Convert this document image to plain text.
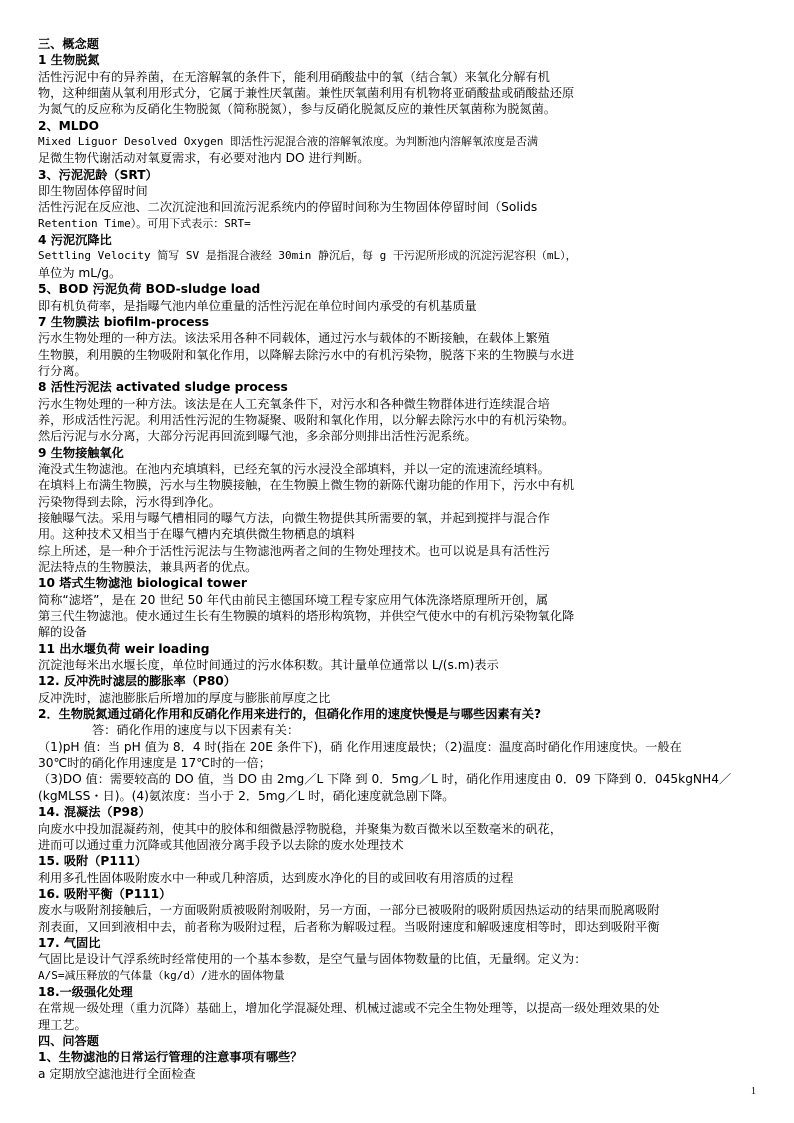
三、概念题
1 生物脱氮
活性污泥中有的异养菌，在无溶解氧的条件下，能利用硝酸盐中的氧（结合氧）来氧化分解有机
物，这种细菌从氧利用形式分，它属于兼性厌氧菌。兼性厌氧菌利用有机物将亚硝酸盐或硝酸盐还原
为氮气的反应称为反硝化生物脱氮（简称脱氮），参与反硝化脱氮反应的兼性厌氧菌称为脱氮菌。
2、MLDO
Mixed Liguor Desolved Oxygen 即活性污泥混合液的溶解氧浓度。为判断池内溶解氧浓度是否满
足微生物代谢活动对氧夏需求，有必要对池内 DO 进行判断。
3、污泥泥龄（SRT）
即生物固体停留时间
活性污泥在反应池、二次沉淀池和回流污泥系统内的停留时间称为生物固体停留时间（Solids
Retention Time）。可用下式表示：SRT=
4 污泥沉降比
Settling Velocity 简写 SV 是指混合液经 30min 静沉后，每 g 干污泥所形成的沉淀污泥容积（mL），
单位为 mL/g。
5、BOD 污泥负荷 BOD-sludge load
即有机负荷率，是指曝气池内单位重量的活性污泥在单位时间内承受的有机基质量
7 生物膜法 biofilm-process
污水生物处理的一种方法。该法采用各种不同载体，通过污水与载体的不断接触，在载体上繁殖
生物膜，利用膜的生物吸附和氧化作用，以降解去除污水中的有机污染物，脱落下来的生物膜与水进
行分离。
8 活性污泥法 activated sludge process
污水生物处理的一种方法。该法是在人工充氧条件下，对污水和各种微生物群体进行连续混合培
养，形成活性污泥。利用活性污泥的生物凝聚、吸附和氧化作用，以分解去除污水中的有机污染物。
然后污泥与水分离，大部分污泥再回流到曝气池，多余部分则排出活性污泥系统。
9 生物接触氧化
淹没式生物滤池。在池内充填填料，已经充氧的污水浸没全部填料，并以一定的流速流经填料。
在填料上布满生物膜，污水与生物膜接触，在生物膜上微生物的新陈代谢功能的作用下，污水中有机
污染物得到去除，污水得到净化。
接触曝气法。采用与曝气槽相同的曝气方法，向微生物提供其所需要的氧，并起到搅拌与混合作
用。这种技术又相当于在曝气槽内充填供微生物栖息的填料
综上所述，是一种介于活性污泥法与生物滤池两者之间的生物处理技术。也可以说是具有活性污
泥法特点的生物膜法，兼具两者的优点。
10 塔式生物滤池 biological tower
简称“滤塔”，是在 20 世纪 50 年代由前民主德国环境工程专家应用气体洗涤塔原理所开创，属
第三代生物滤池。使水通过生长有生物膜的填料的塔形构筑物，并供空气使水中的有机污染物氧化降
解的设备
11 出水堰负荷 weir loading
沉淀池每米出水堰长度，单位时间通过的污水体积数。其计量单位通常以 L/(s.m)表示
12. 反冲洗时滤层的膨胀率（P80）
反冲洗时，滤池膨胀后所增加的厚度与膨胀前厚度之比
2．生物脱氮通过硝化作用和反硝化作用来进行的，但硝化作用的速度快慢是与哪些因素有关?
答：硝化作用的速度与以下因素有关：
（1)pH 值：当 pH 值为 8．4 时(指在 20E 条件下)，硝 化作用速度最快；（2)温度：温度高时硝化作用速度快。一般在
30℃时的硝化作用速度是 17℃时的一倍；
（3)DO 值：需要较高的 DO 值，当 DO 由 2mg／L 下降 到 0．5mg／L 时，硝化作用速度由 0．09 下降到 0．045kgNH4／
(kgMLSS・日)。(4)氨浓度：当小于 2．5mg／L 时，硝化速度就急剧下降。
14. 混凝法（P98）
向废水中投加混凝药剂，使其中的胶体和细微悬浮物脱稳，并聚集为数百微米以至数毫米的矾花，
进而可以通过重力沉降或其他固液分离手段予以去除的废水处理技术
15. 吸附（P111）
利用多孔性固体吸附废水中一种或几种溶质，达到废水净化的目的或回收有用溶质的过程
16. 吸附平衡（P111）
废水与吸附剂接触后，一方面吸附质被吸附剂吸附，另一方面，一部分已被吸附的吸附质因热运动的结果而脱离吸附
剂表面，又回到液相中去，前者称为吸附过程，后者称为解吸过程。当吸附速度和解吸速度相等时，即达到吸附平衡
17. 气固比
气固比是设计气浮系统时经常使用的一个基本参数，是空气量与固体物数量的比值，无量纲。定义为：
A/S=减压释放的气体量（kg/d）/进水的固体物量
18.一级强化处理
在常规一级处理（重力沉降）基础上，增加化学混凝处理、机械过滤或不完全生物处理等，以提高一级处理效果的处
理工艺。
四、问答题
1、生物滤池的日常运行管理的注意事项有哪些？
a 定期放空滤池进行全面检查
1
